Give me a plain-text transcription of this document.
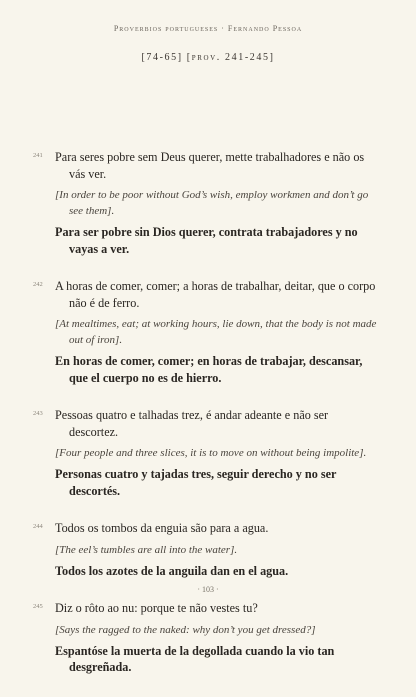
Proverbios portugueses · Fernando Pessoa
[74-65] [prov. 241-245]
241 Para seres pobre sem Deus querer, mette trabalhadores e não os vás ver.
[In order to be poor without God’s wish, employ workmen and don’t go see them].
Para ser pobre sin Dios querer, contrata trabajadores y no vayas a ver.
242 A horas de comer, comer; a horas de trabalhar, deitar, que o corpo não é de ferro.
[At mealtimes, eat; at working hours, lie down, that the body is not made out of iron].
En horas de comer, comer; en horas de trabajar, descansar, que el cuerpo no es de hierro.
243 Pessoas quatro e talhadas trez, é andar adeante e não ser descortez.
[Four people and three slices, it is to move on without being impolite].
Personas cuatro y tajadas tres, seguir derecho y no ser descortés.
244 Todos os tombos da enguia são para a agua.
[The eel’s tumbles are all into the water].
Todos los azotes de la anguila dan en el agua.
245 Diz o rôto ao nu: porque te não vestes tu?
[Says the ragged to the naked: why don’t you get dressed?]
Espantóse la muerta de la degollada cuando la vio tan desgreñada.
· 103 ·
